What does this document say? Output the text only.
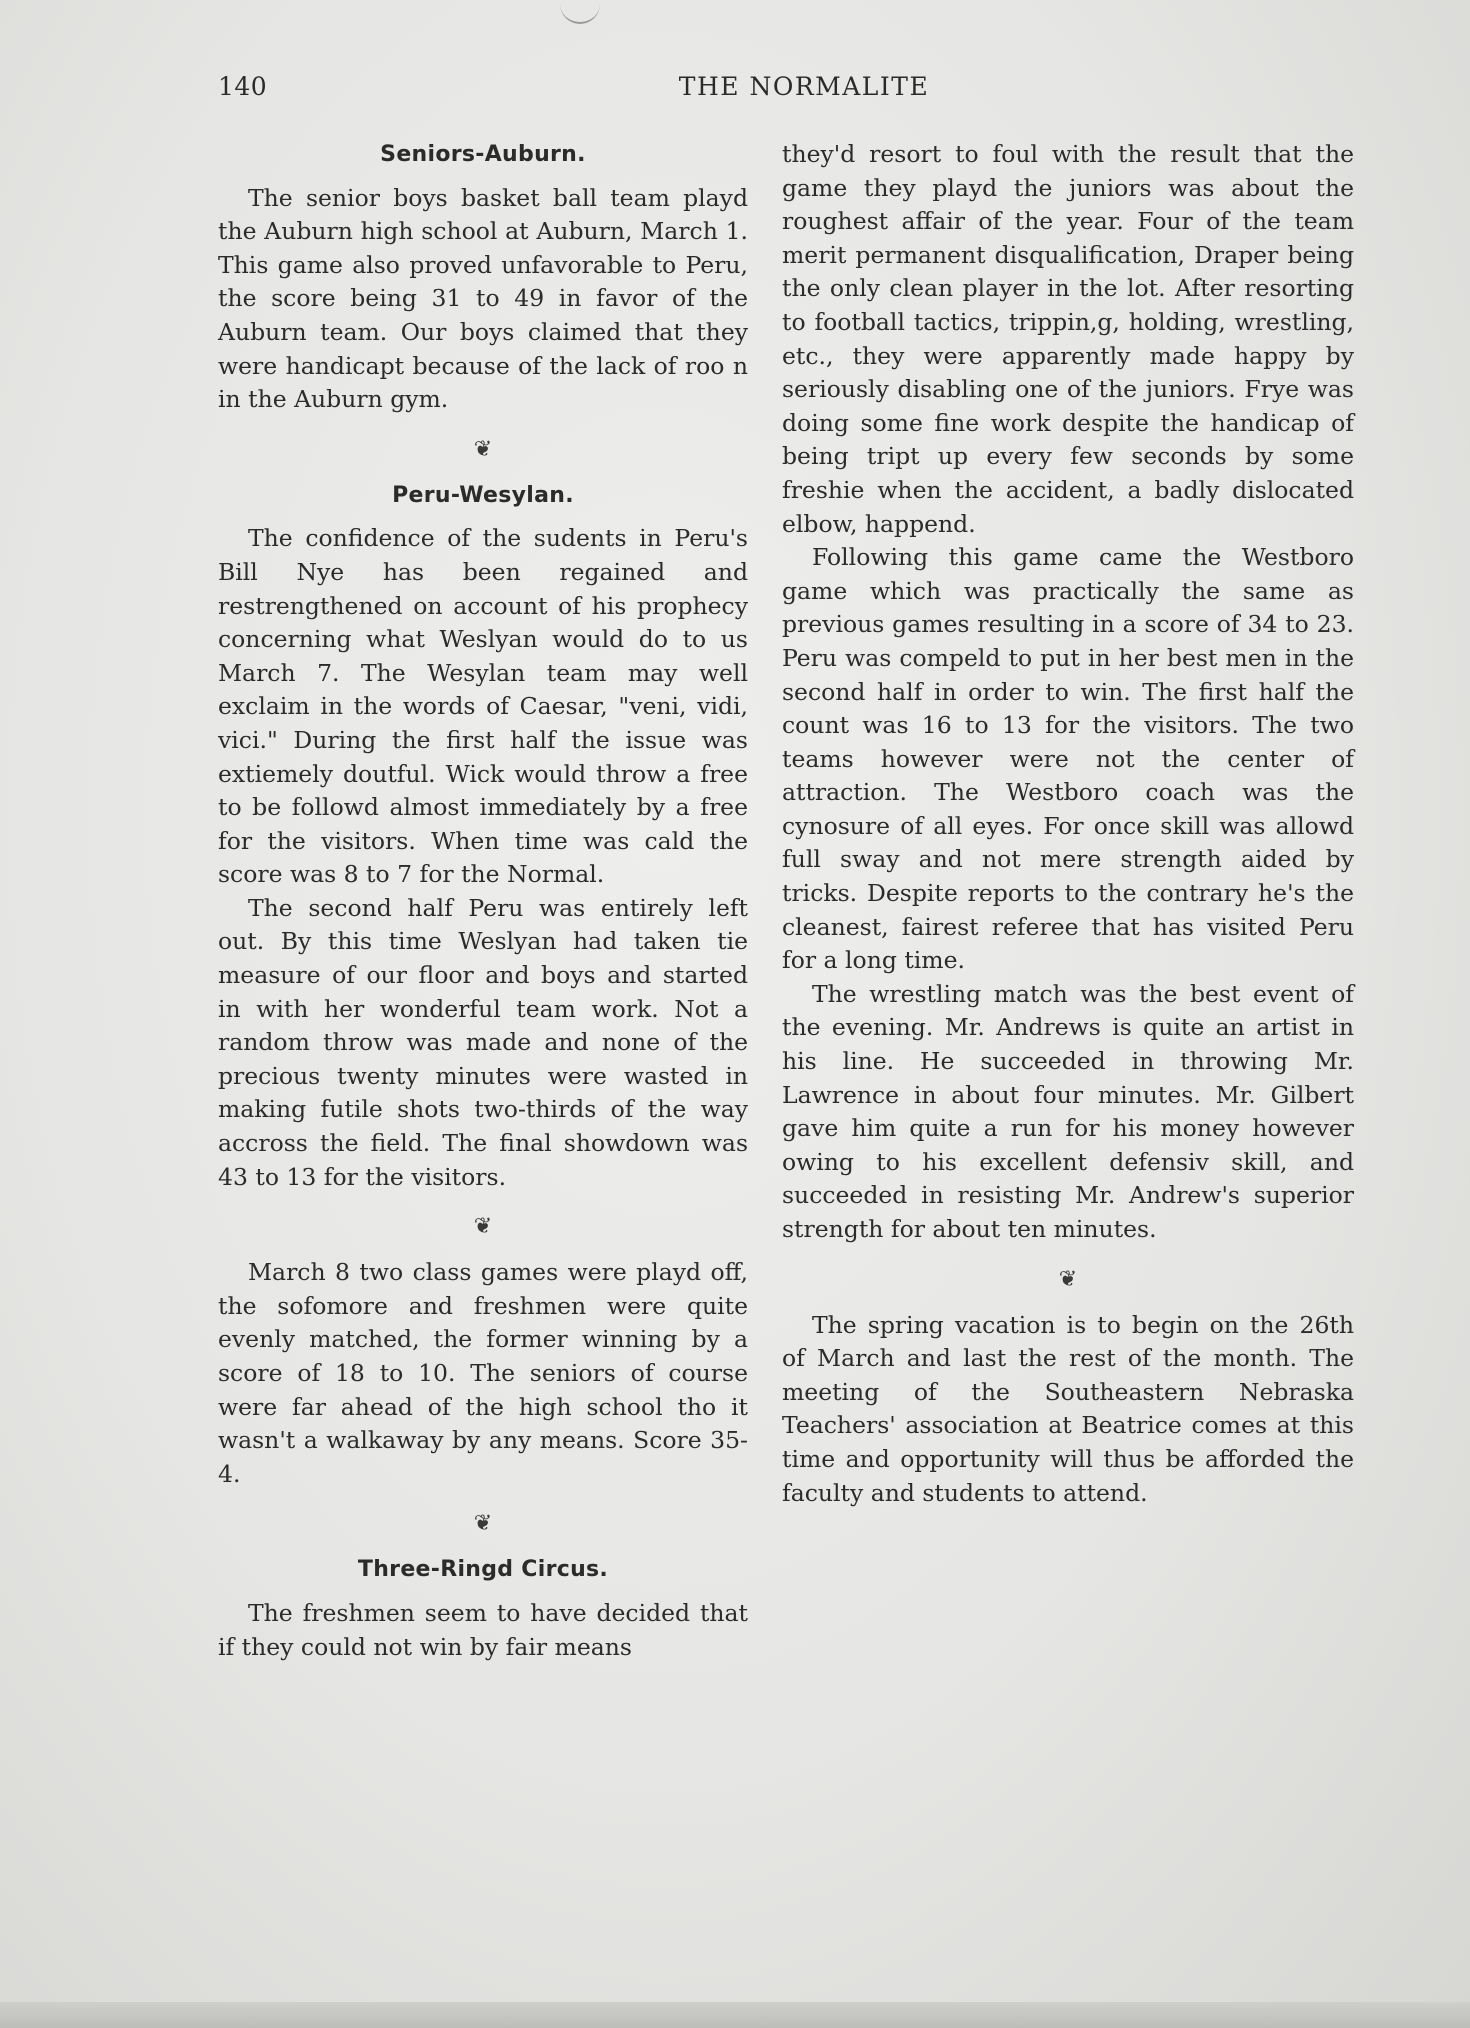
140	THE NORMALITE
Seniors-Auburn.

The senior boys basket ball team playd the Auburn high school at Auburn, March 1. This game also proved unfavorable to Peru, the score being 31 to 49 in favor of the Auburn team. Our boys claimed that they were handicapt because of the lack of roo n in the Auburn gym.

❦
Peru-Wesylan.

The confidence of the sudents in Peru's Bill Nye has been regained and restrengthened on account of his prophecy concerning what Weslyan would do to us March 7. The Wesylan team may well exclaim in the words of Caesar, "veni, vidi, vici." During the first half the issue was extiemely doutful. Wick would throw a free to be followd almost immediately by a free for the visitors. When time was cald the score was 8 to 7 for the Normal.

The second half Peru was entirely left out. By this time Weslyan had taken tie measure of our floor and boys and started in with her wonderful team work. Not a random throw was made and none of the precious twenty minutes were wasted in making futile shots two-thirds of the way accross the field. The final showdown was 43 to 13 for the visitors.

❦

March 8 two class games were playd off, the sofomore and freshmen were quite evenly matched, the former winning by a score of 18 to 10. The seniors of course were far ahead of the high school tho it wasn't a walkaway by any means. Score 35-4.

❦
Three-Ringd Circus.

The freshmen seem to have decided that if they could not win by fair means

they'd resort to foul with the result that the game they playd the juniors was about the roughest affair of the year. Four of the team merit permanent disqualification, Draper being the only clean player in the lot. After resorting to football tactics, trippin,g, holding, wrestling, etc., they were apparently made happy by seriously disabling one of the juniors. Frye was doing some fine work despite the handicap of being tript up every few seconds by some freshie when the accident, a badly dislocated elbow, happend.

Following this game came the Westboro game which was practically the same as previous games resulting in a score of 34 to 23. Peru was compeld to put in her best men in the second half in order to win. The first half the count was 16 to 13 for the visitors. The two teams however were not the center of attraction. The Westboro coach was the cynosure of all eyes. For once skill was allowd full sway and not mere strength aided by tricks. Despite reports to the contrary he's the cleanest, fairest referee that has visited Peru for a long time.

The wrestling match was the best event of the evening. Mr. Andrews is quite an artist in his line. He succeeded in throwing Mr. Lawrence in about four minutes. Mr. Gilbert gave him quite a run for his money however owing to his excellent defensiv skill, and succeeded in resisting Mr. Andrew's superior strength for about ten minutes.

❦

The spring vacation is to begin on the 26th of March and last the rest of the month. The meeting of the Southeastern Nebraska Teachers' association at Beatrice comes at this time and opportunity will thus be afforded the faculty and students to attend.
